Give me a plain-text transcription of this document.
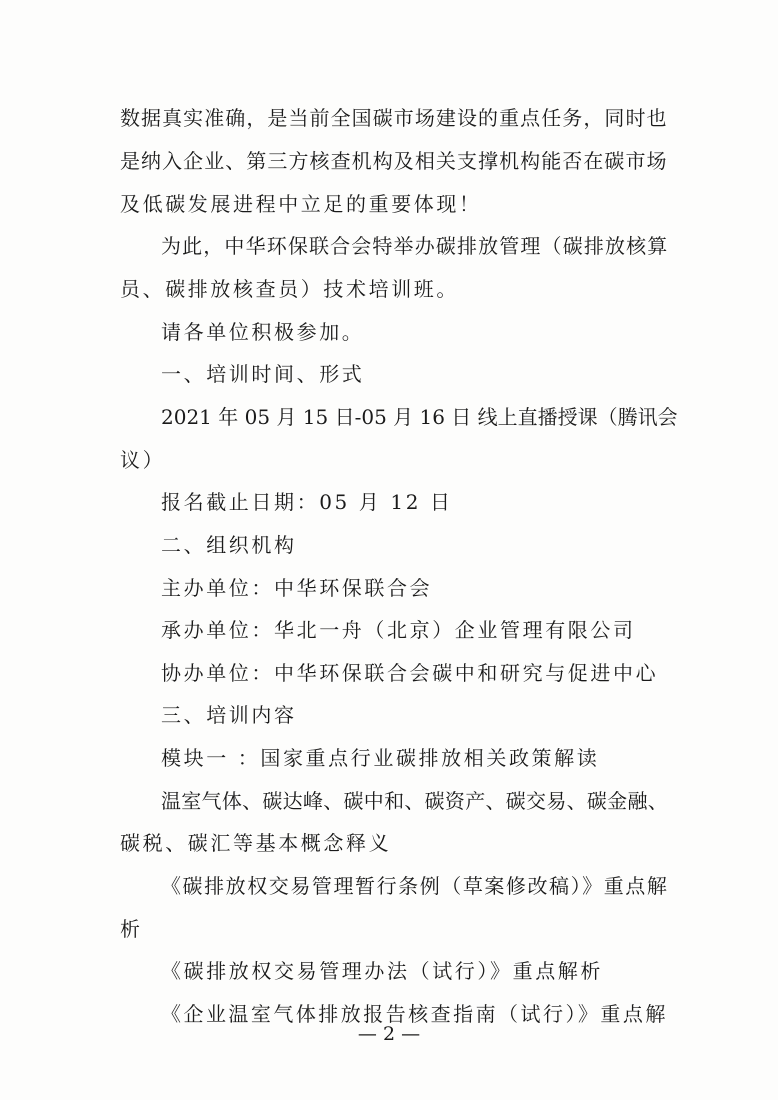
数据真实准确，是当前全国碳市场建设的重点任务，同时也
是纳入企业、第三方核查机构及相关支撑机构能否在碳市场
及低碳发展进程中立足的重要体现！
为此，中华环保联合会特举办碳排放管理（碳排放核算
员、碳排放核查员）技术培训班。
请各单位积极参加。
一、培训时间、形式
2021 年 05 月 15 日-05 月 16 日 线上直播授课（腾讯会
议）
报名截止日期：05 月 12 日
二、组织机构
主办单位：中华环保联合会
承办单位：华北一舟（北京）企业管理有限公司
协办单位：中华环保联合会碳中和研究与促进中心
三、培训内容
模块一 ：国家重点行业碳排放相关政策解读
温室气体、碳达峰、碳中和、碳资产、碳交易、碳金融、
碳税、碳汇等基本概念释义
《碳排放权交易管理暂行条例（草案修改稿）》重点解
析
《碳排放权交易管理办法（试行）》重点解析
《企业温室气体排放报告核查指南（试行）》重点解
— 2 —
